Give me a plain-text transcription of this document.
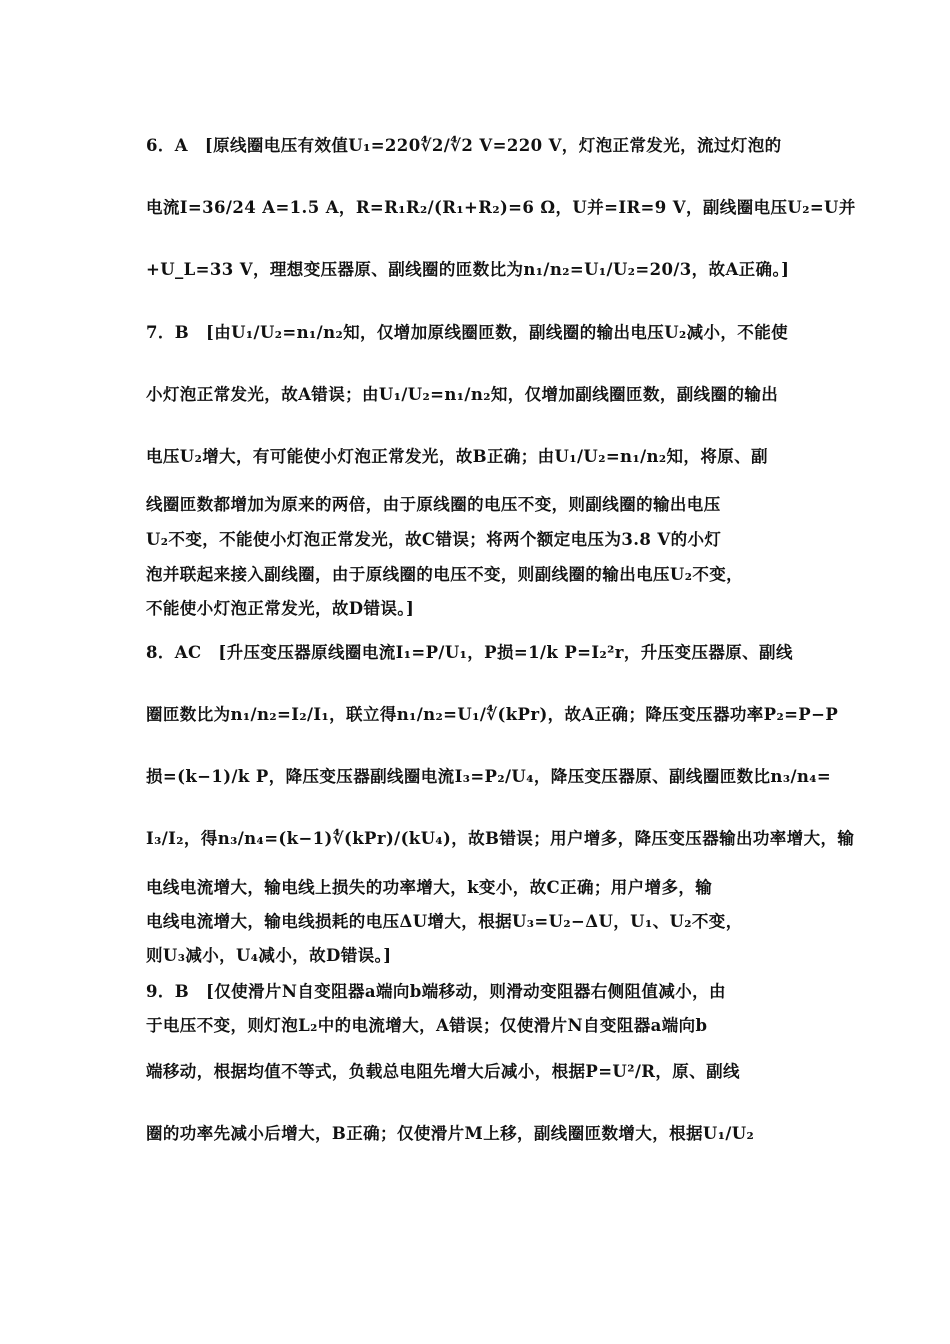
6．A　[原线圈电压有效值U₁=220∜2/∜2 V=220 V，灯泡正常发光，流过灯泡的
电流I=36/24 A=1.5 A，R=R₁R₂/(R₁+R₂)=6 Ω，U并=IR=9 V，副线圈电压U₂=U并
+U_L=33 V，理想变压器原、副线圈的匝数比为n₁/n₂=U₁/U₂=20/3，故A正确。]
7．B　[由U₁/U₂=n₁/n₂知，仅增加原线圈匝数，副线圈的输出电压U₂减小，不能使
小灯泡正常发光，故A错误；由U₁/U₂=n₁/n₂知，仅增加副线圈匝数，副线圈的输出
电压U₂增大，有可能使小灯泡正常发光，故B正确；由U₁/U₂=n₁/n₂知，将原、副
线圈匝数都增加为原来的两倍，由于原线圈的电压不变，则副线圈的输出电压
U₂不变，不能使小灯泡正常发光，故C错误；将两个额定电压为3.8 V的小灯
泡并联起来接入副线圈，由于原线圈的电压不变，则副线圈的输出电压U₂不变，
不能使小灯泡正常发光，故D错误。]
8．AC　[升压变压器原线圈电流I₁=P/U₁，P损=1/k P=I₂²r，升压变压器原、副线
圈匝数比为n₁/n₂=I₂/I₁，联立得n₁/n₂=U₁/∜(kPr)，故A正确；降压变压器功率P₂=P−P
损=(k−1)/k P，降压变压器副线圈电流I₃=P₂/U₄，降压变压器原、副线圈匝数比n₃/n₄=
I₃/I₂，得n₃/n₄=(k−1)∜(kPr)/(kU₄)，故B错误；用户增多，降压变压器输出功率增大，输
电线电流增大，输电线上损失的功率增大，k变小，故C正确；用户增多，输
电线电流增大，输电线损耗的电压ΔU增大，根据U₃=U₂−ΔU，U₁、U₂不变，
则U₃减小，U₄减小，故D错误。]
9．B　[仅使滑片N自变阻器a端向b端移动，则滑动变阻器右侧阻值减小，由
于电压不变，则灯泡L₂中的电流增大，A错误；仅使滑片N自变阻器a端向b
端移动，根据均值不等式，负载总电阻先增大后减小，根据P=U²/R，原、副线
圈的功率先减小后增大，B正确；仅使滑片M上移，副线圈匝数增大，根据U₁/U₂
